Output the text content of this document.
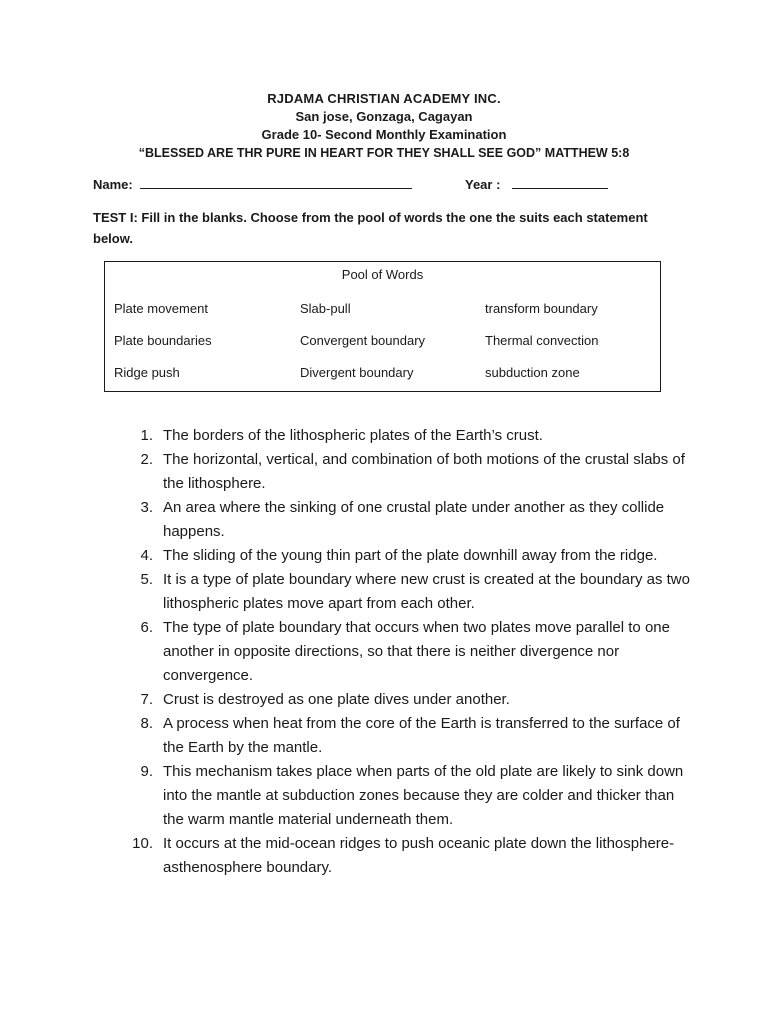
RJDAMA CHRISTIAN ACADEMY INC.
San jose, Gonzaga, Cagayan
Grade 10- Second Monthly Examination
“BLESSED ARE THR PURE IN HEART FOR THEY SHALL SEE GOD” MATTHEW 5:8
Name:	Year :
TEST I: Fill in the blanks. Choose from the pool of words the one the suits each statement below.
Pool of Words
Plate movement	Slab-pull	transform boundary
Plate boundaries	Convergent boundary	Thermal convection
Ridge push	Divergent boundary	subduction zone
1. The borders of the lithospheric plates of the Earth’s crust.
2. The horizontal, vertical, and combination of both motions of the crustal slabs of the lithosphere.
3. An area where the sinking of one crustal plate under another as they collide happens.
4. The sliding of the young thin part of the plate downhill away from the ridge.
5. It is a type of plate boundary where new crust is created at the boundary as two lithospheric plates move apart from each other.
6. The type of plate boundary that occurs when two plates move parallel to one another in opposite directions, so that there is neither divergence nor convergence.
7. Crust is destroyed as one plate dives under another.
8. A process when heat from the core of the Earth is transferred to the surface of the Earth by the mantle.
9. This mechanism takes place when parts of the old plate are likely to sink down into the mantle at subduction zones because they are colder and thicker than the warm mantle material underneath them.
10. It occurs at the mid-ocean ridges to push oceanic plate down the lithosphere-asthenosphere boundary.
